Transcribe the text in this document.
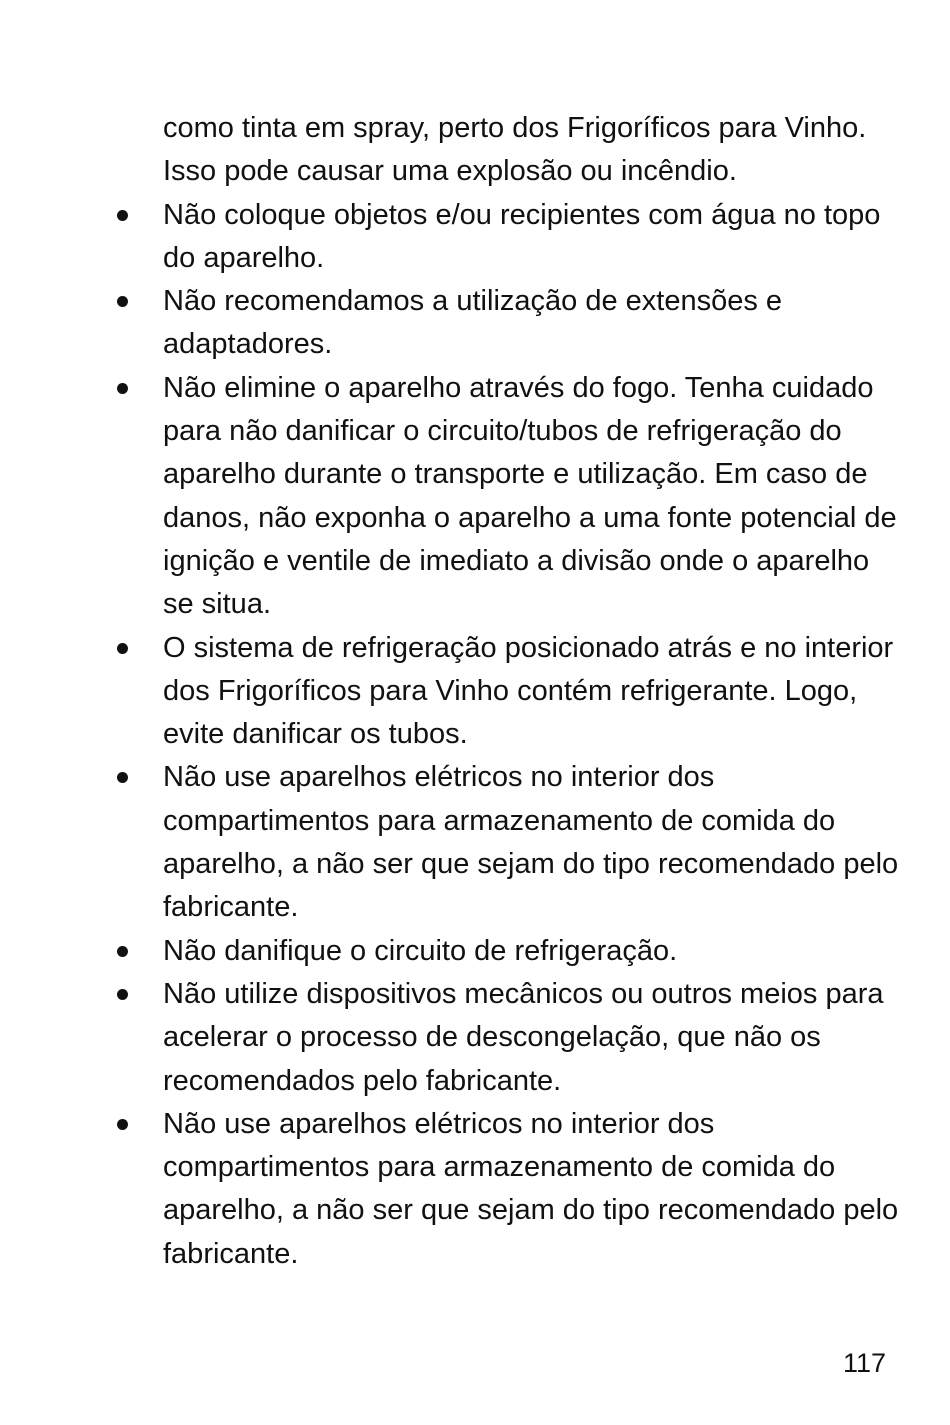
como tinta em spray, perto dos Frigoríficos para Vinho. Isso pode causar uma explosão ou incêndio.

Não coloque objetos e/ou recipientes com água no topo do aparelho.
Não recomendamos a utilização de extensões e adaptadores.
Não elimine o aparelho através do fogo. Tenha cuidado para não danificar o circuito/tubos de refrigeração do aparelho durante o transporte e utilização. Em caso de danos, não exponha o aparelho a uma fonte potencial de ignição e ventile de imediato a divisão onde o aparelho se situa.
O sistema de refrigeração posicionado atrás e no interior dos Frigoríficos para Vinho contém refrigerante. Logo, evite danificar os tubos.
Não use aparelhos elétricos no interior dos compartimentos para armazenamento de comida do aparelho, a não ser que sejam do tipo recomendado pelo fabricante.
Não danifique o circuito de refrigeração.
Não utilize dispositivos mecânicos ou outros meios para acelerar o processo de descongelação, que não os recomendados pelo fabricante.
Não use aparelhos elétricos no interior dos compartimentos para armazenamento de comida do aparelho, a não ser que sejam do tipo recomendado pelo fabricante.
117
